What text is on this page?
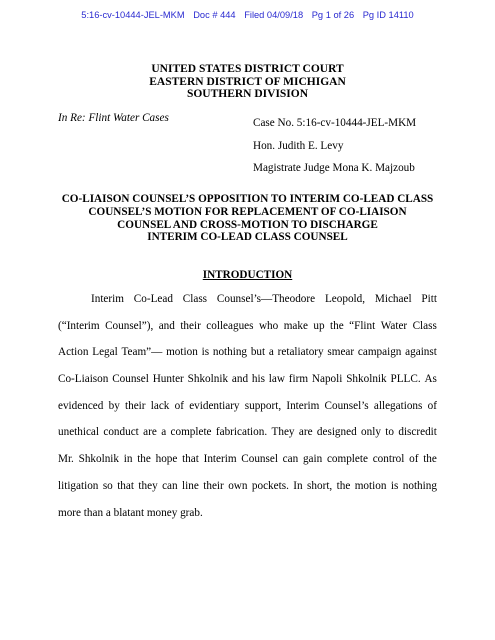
5:16-cv-10444-JEL-MKM Doc # 444 Filed 04/09/18 Pg 1 of 26 Pg ID 14110
UNITED STATES DISTRICT COURT
EASTERN DISTRICT OF MICHIGAN
SOUTHERN DIVISION
In Re: Flint Water Cases	Case No. 5:16-cv-10444-JEL-MKM
Hon. Judith E. Levy
Magistrate Judge Mona K. Majzoub
CO-LIAISON COUNSEL’S OPPOSITION TO INTERIM CO-LEAD CLASS
COUNSEL’S MOTION FOR REPLACEMENT OF CO-LIAISON
COUNSEL AND CROSS-MOTION TO DISCHARGE
INTERIM CO-LEAD CLASS COUNSEL
INTRODUCTION
Interim Co-Lead Class Counsel’s—Theodore Leopold, Michael Pitt
(“Interim Counsel”), and their colleagues who make up the “Flint Water Class
Action Legal Team”— motion is nothing but a retaliatory smear campaign against
Co-Liaison Counsel Hunter Shkolnik and his law firm Napoli Shkolnik PLLC. As
evidenced by their lack of evidentiary support, Interim Counsel’s allegations of
unethical conduct are a complete fabrication. They are designed only to discredit
Mr. Shkolnik in the hope that Interim Counsel can gain complete control of the
litigation so that they can line their own pockets. In short, the motion is nothing
more than a blatant money grab.
